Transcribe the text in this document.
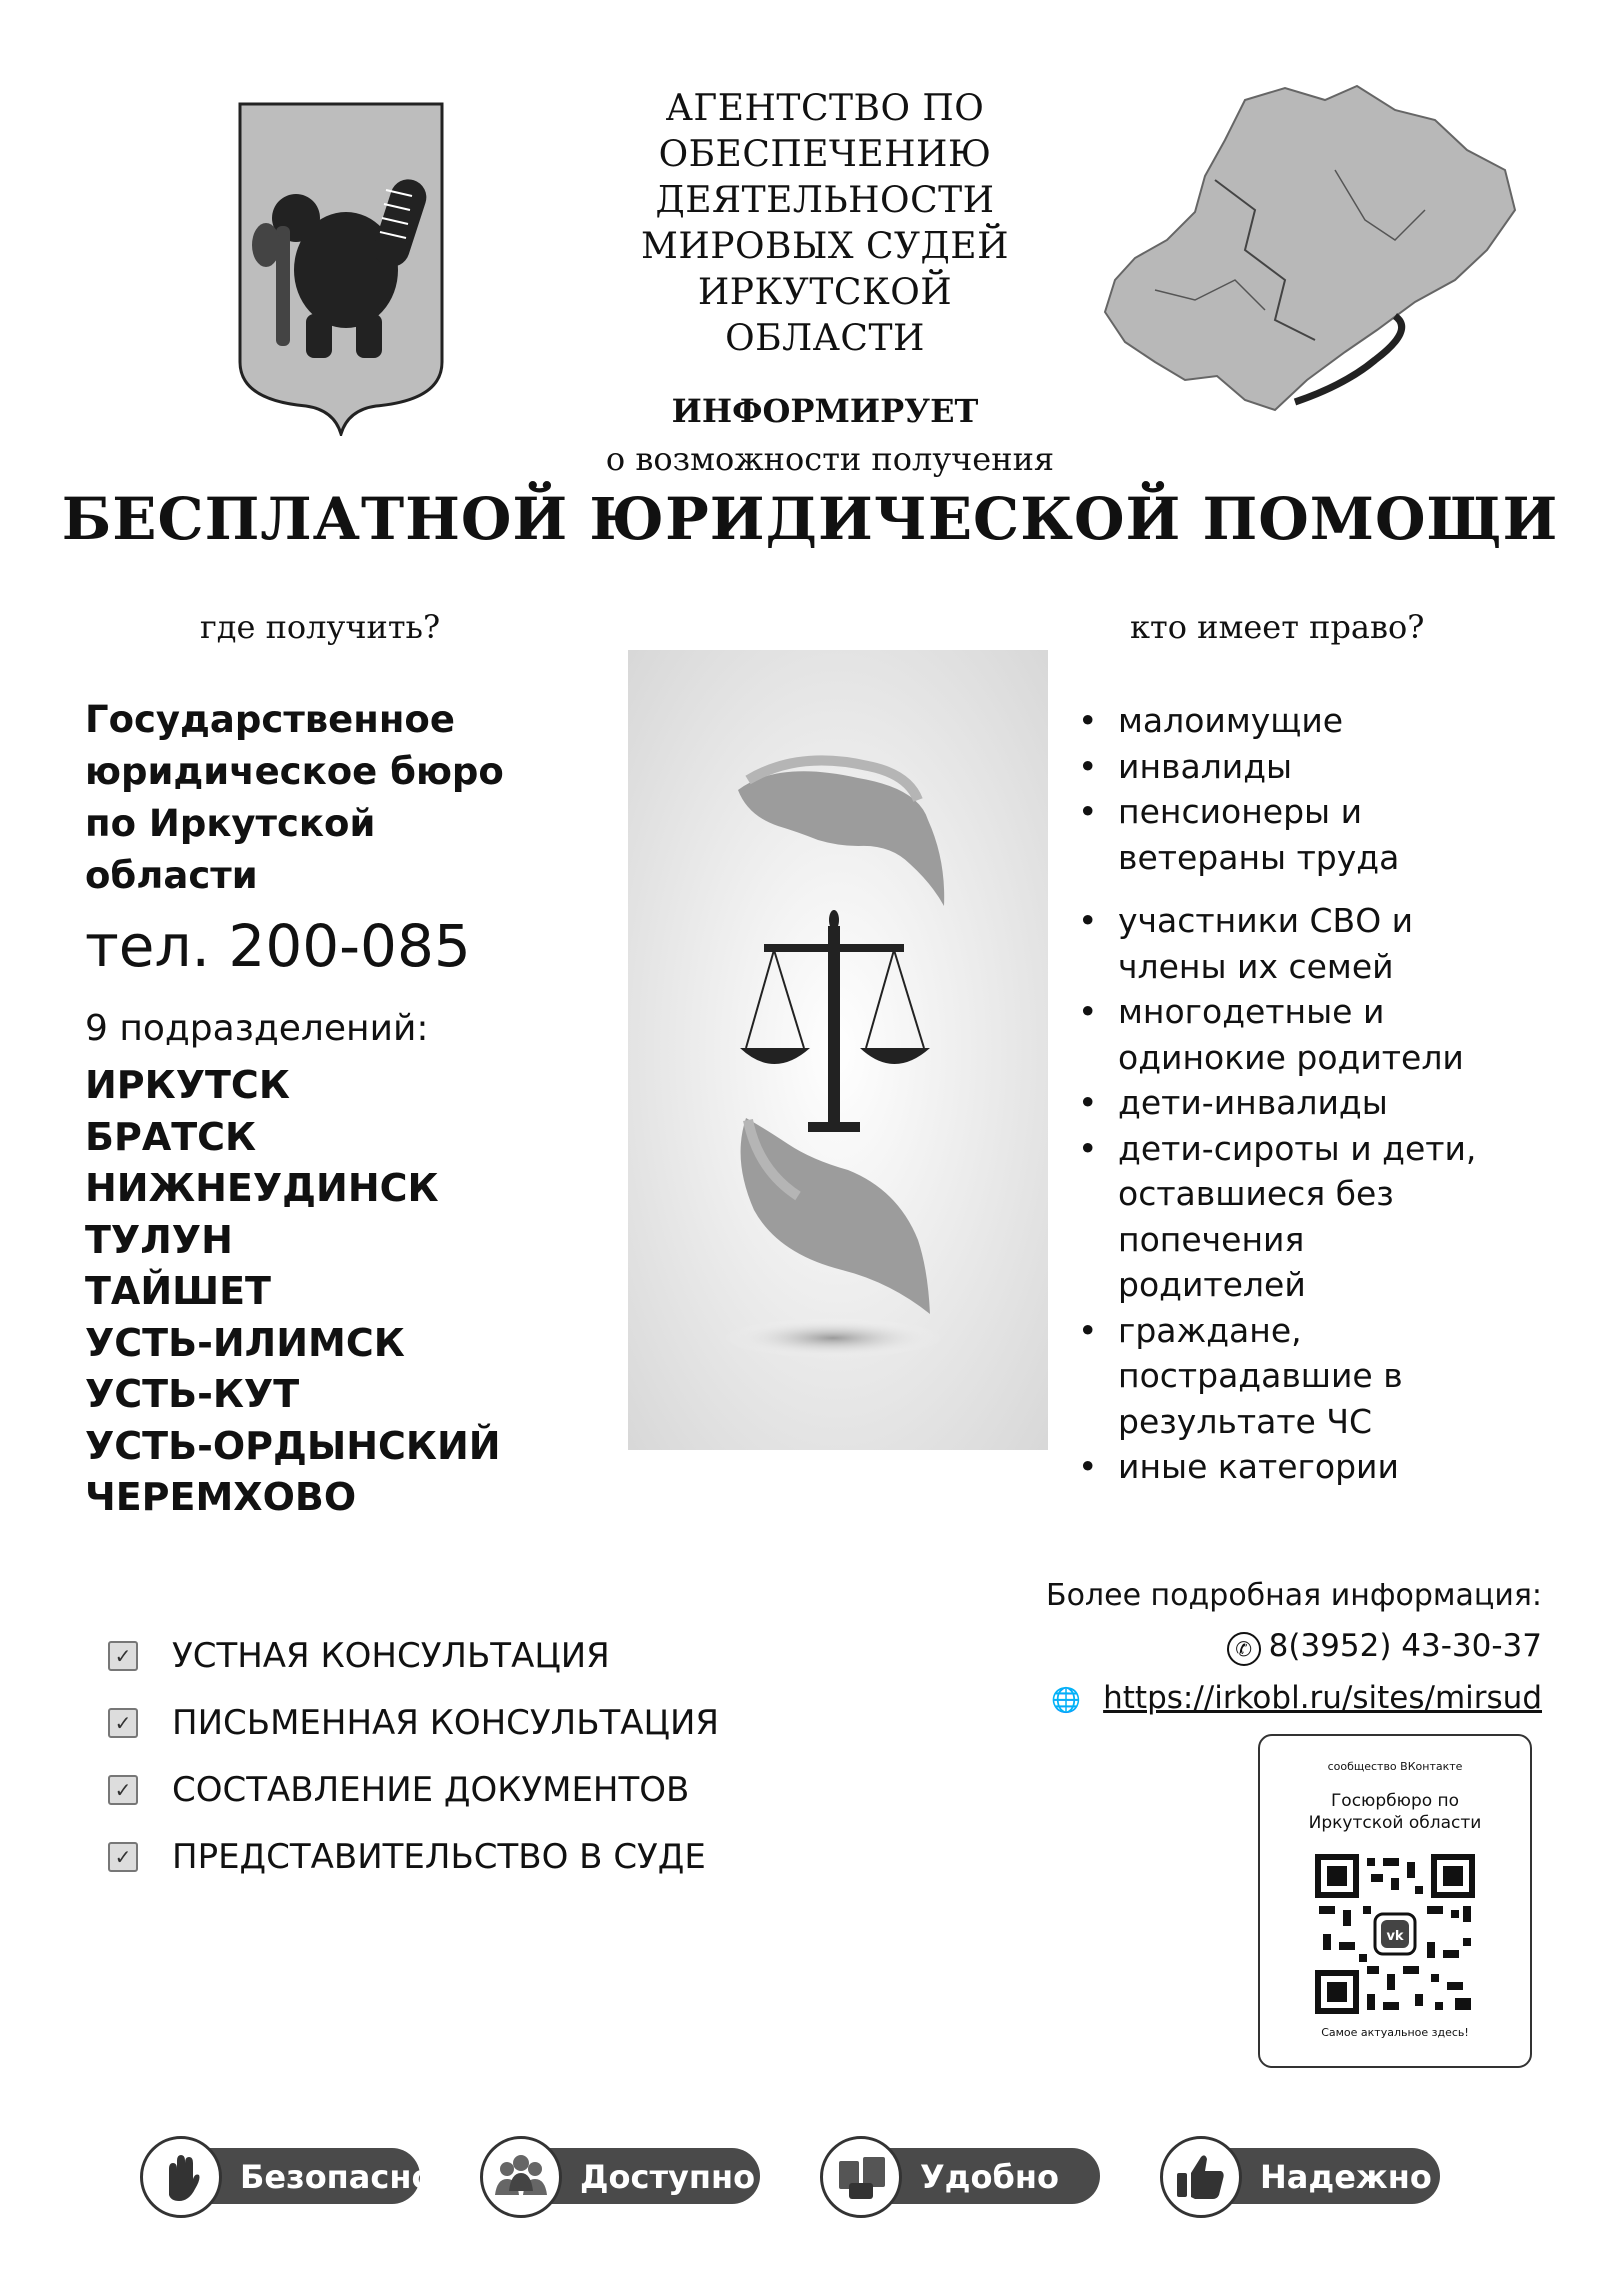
АГЕНТСТВО ПО
ОБЕСПЕЧЕНИЮ
ДЕЯТЕЛЬНОСТИ
МИРОВЫХ СУДЕЙ
ИРКУТСКОЙ
ОБЛАСТИ
ИНФОРМИРУЕТ
о возможности получения
БЕСПЛАТНОЙ ЮРИДИЧЕСКОЙ ПОМОЩИ
где получить?	кто имеет право?
Государственное
юридическое бюро
по Иркутской
области
тел. 200-085
9 подразделений:
ИРКУТСК
БРАТСК
НИЖНЕУДИНСК
ТУЛУН
ТАЙШЕТ
УСТЬ-ИЛИМСК
УСТЬ-КУТ
УСТЬ-ОРДЫНСКИЙ
ЧЕРЕМХОВО
• малоимущие
• инвалиды
• пенсионеры и
ветераны труда
• участники СВО и
члены их семей
• многодетные и
одинокие родители
• дети-инвалиды
• дети-сироты и дети,
оставшиеся без
попечения
родителей
• граждане,
пострадавшие в
результате ЧС
• иные категории
✓ УСТНАЯ КОНСУЛЬТАЦИЯ
✓ ПИСЬМЕННАЯ КОНСУЛЬТАЦИЯ
✓ СОСТАВЛЕНИЕ ДОКУМЕНТОВ
✓ ПРЕДСТАВИТЕЛЬСТВО В СУДЕ
Более подробная информация:
✆ 8(3952) 43-30-37
🌐 https://irkobl.ru/sites/mirsud
сообщество ВКонтакте
Госюрбюро по
Иркутской области
vk
Самое актуальное здесь!
Безопасно	Доступно	Удобно	Надежно
